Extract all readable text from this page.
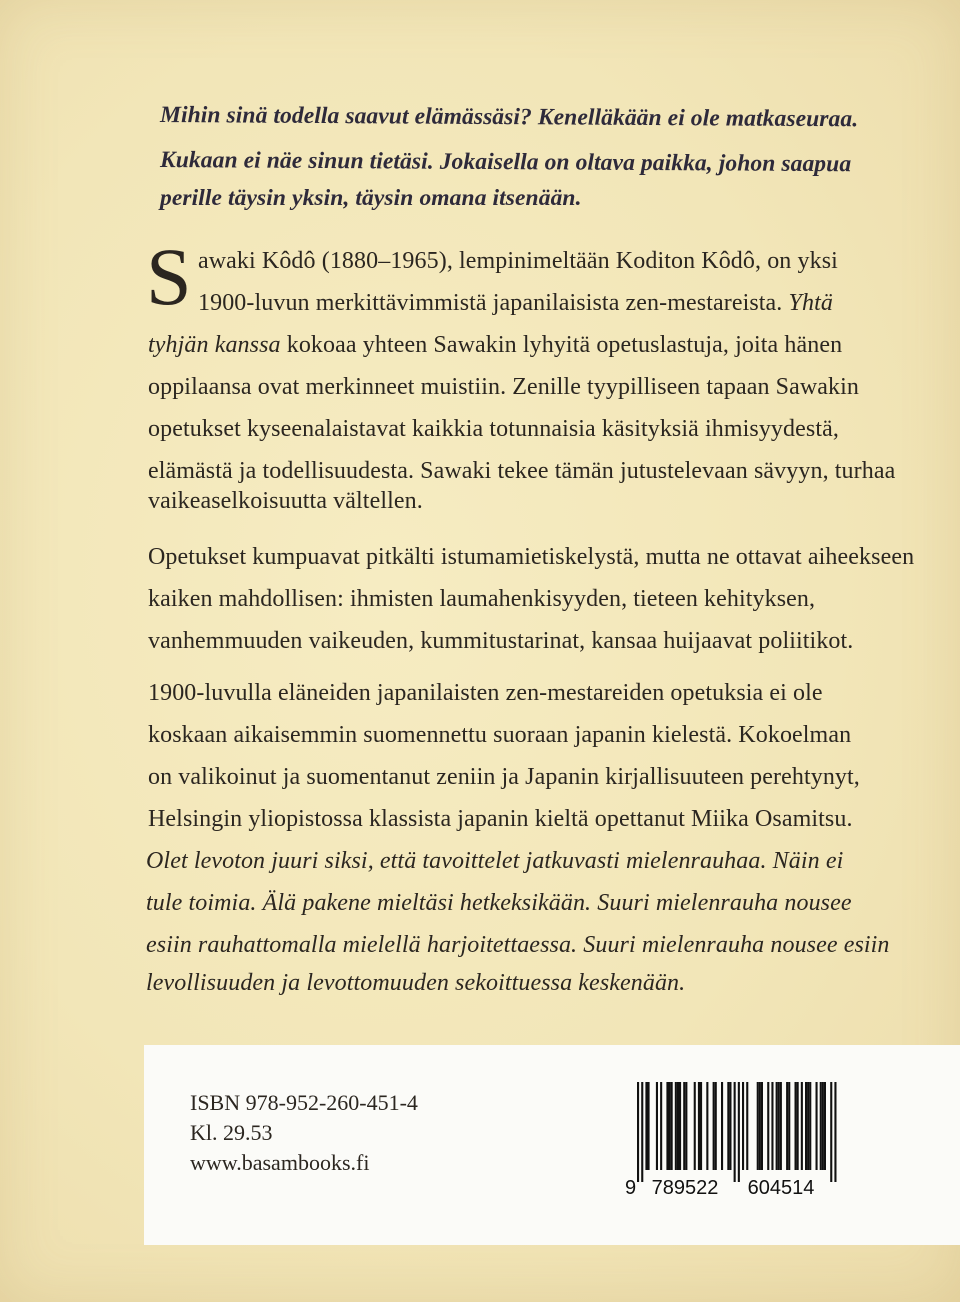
Mihin sinä todella saavut elämässäsi? Kenelläkään ei ole matkaseuraa.
Kukaan ei näe sinun tietäsi. Jokaisella on oltava paikka, johon saapua
perille täysin yksin, täysin omana itsenään.
S awaki Kôdô (1880–1965), lempinimeltään Koditon Kôdô, on yksi
1900-luvun merkittävimmistä japanilaisista zen-mestareista. Yhtä
tyhjän kanssa kokoaa yhteen Sawakin lyhyitä opetuslastuja, joita hänen
oppilaansa ovat merkinneet muistiin. Zenille tyypilliseen tapaan Sawakin
opetukset kyseenalaistavat kaikkia totunnaisia käsityksiä ihmisyydestä,
elämästä ja todellisuudesta. Sawaki tekee tämän jutustelevaan sävyyn, turhaa
vaikeaselkoisuutta vältellen.
Opetukset kumpuavat pitkälti istumamietiskelystä, mutta ne ottavat aiheekseen
kaiken mahdollisen: ihmisten laumahenkisyyden, tieteen kehityksen,
vanhemmuuden vaikeuden, kummitustarinat, kansaa huijaavat poliitikot.
1900-luvulla eläneiden japanilaisten zen-mestareiden opetuksia ei ole
koskaan aikaisemmin suomennettu suoraan japanin kielestä. Kokoelman
on valikoinut ja suomentanut zeniin ja Japanin kirjallisuuteen perehtynyt,
Helsingin yliopistossa klassista japanin kieltä opettanut Miika Osamitsu.
Olet levoton juuri siksi, että tavoittelet jatkuvasti mielenrauhaa. Näin ei
tule toimia. Älä pakene mieltäsi hetkeksikään. Suuri mielenrauha nousee
esiin rauhattomalla mielellä harjoitettaessa. Suuri mielenrauha nousee esiin
levollisuuden ja levottomuuden sekoittuessa keskenään.
ISBN 978-952-260-451-4
Kl. 29.53
www.basambooks.fi
9 789522 604514
